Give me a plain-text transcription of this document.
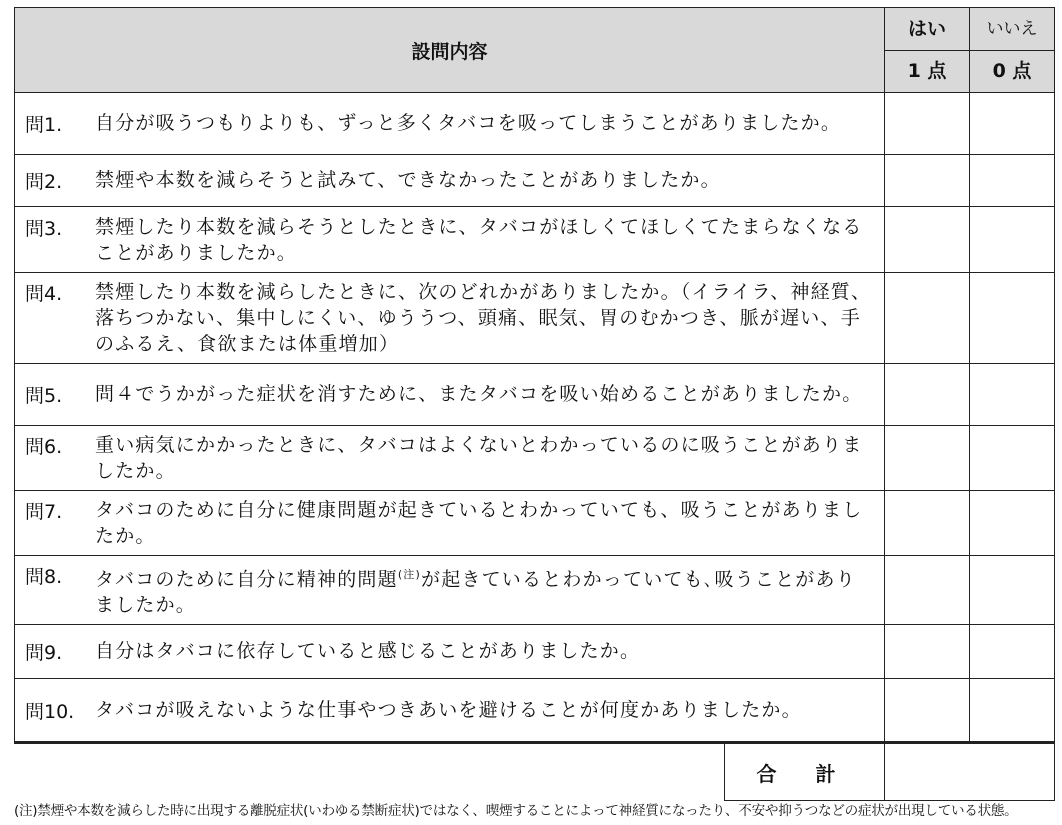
設問内容	はい	いいえ
	1 点	0 点

問1. 自分が吸うつもりよりも、ずっと多くタバコを吸ってしまうことがありましたか。		

問2. 禁煙や本数を減らそうと試みて、できなかったことがありましたか。		

問3. 禁煙したり本数を減らそうとしたときに、タバコがほしくてほしくてたまらなくなることがありましたか。		

問4. 禁煙したり本数を減らしたときに、次のどれかがありましたか。（イライラ、神経質、落ちつかない、集中しにくい、ゆううつ、頭痛、眠気、胃のむかつき、脈が遅い、手のふるえ、食欲または体重増加）		

問5. 問４でうかがった症状を消すために、またタバコを吸い始めることがありましたか。		

問6. 重い病気にかかったときに、タバコはよくないとわかっているのに吸うことがありましたか。		

問7. タバコのために自分に健康問題が起きているとわかっていても、吸うことがありましたか。		

問8. タバコのために自分に精神的問題$^{(注)}$が起きているとわかっていても､吸うことがありましたか。		

問9. 自分はタバコに依存していると感じることがありましたか。		

問10. タバコが吸えないような仕事やつきあいを避けることが何度かありましたか。		

	合 計	
(注)禁煙や本数を減らした時に出現する離脱症状(いわゆる禁断症状)ではなく、喫煙することによって神経質になったり、不安や抑うつなどの症状が出現している状態。
